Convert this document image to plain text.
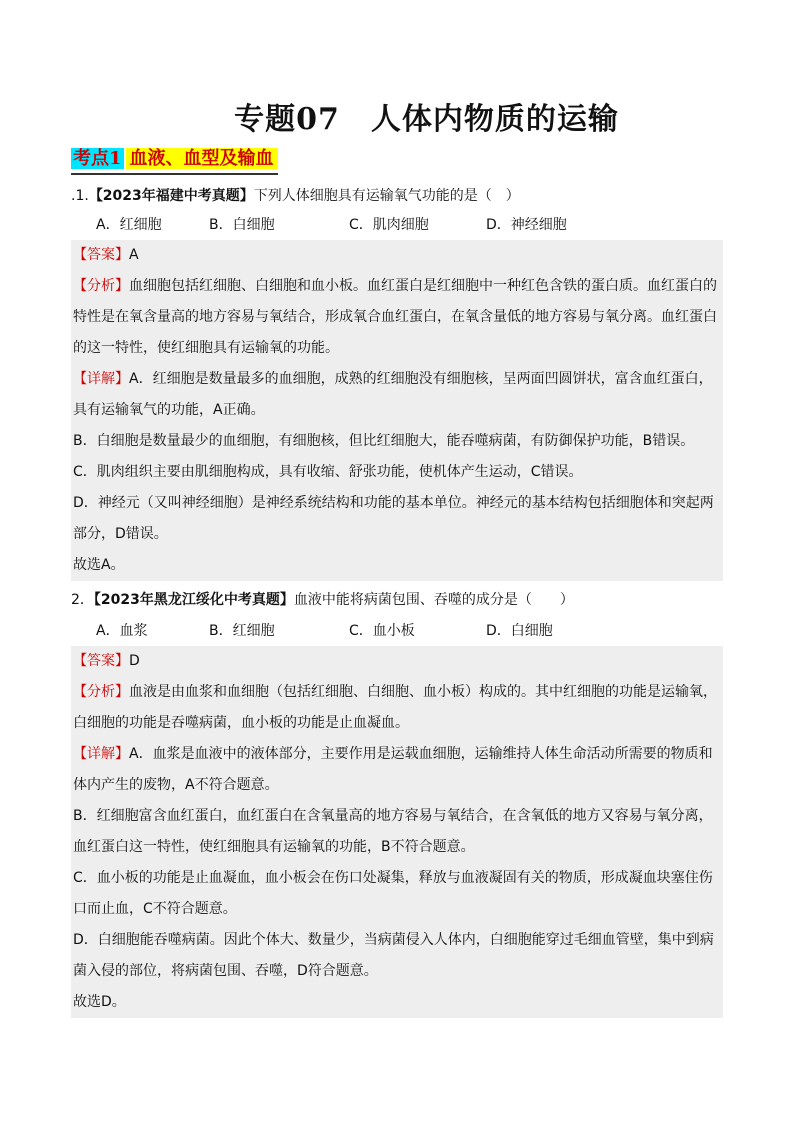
专题07　人体内物质的运输
考点1 血液、血型及输血
.1.【2023年福建中考真题】下列人体细胞具有运输氧气功能的是（　）
A．红细胞	B．白细胞	C．肌肉细胞	D．神经细胞

【答案】A

【分析】血细胞包括红细胞、白细胞和血小板。血红蛋白是红细胞中一种红色含铁的蛋白质。血红蛋白的特性是在氧含量高的地方容易与氧结合，形成氧合血红蛋白，在氧含量低的地方容易与氧分离。血红蛋白的这一特性，使红细胞具有运输氧的功能。

【详解】A．红细胞是数量最多的血细胞，成熟的红细胞没有细胞核，呈两面凹圆饼状，富含血红蛋白，具有运输氧气的功能，A正确。

B．白细胞是数量最少的血细胞，有细胞核，但比红细胞大，能吞噬病菌，有防御保护功能，B错误。

C．肌肉组织主要由肌细胞构成，具有收缩、舒张功能，使机体产生运动，C错误。

D．神经元（又叫神经细胞）是神经系统结构和功能的基本单位。神经元的基本结构包括细胞体和突起两部分，D错误。

故选A。

2．【2023年黑龙江绥化中考真题】血液中能将病菌包围、吞噬的成分是（　　）
A．血浆	B．红细胞	C．血小板	D．白细胞

【答案】D

【分析】血液是由血浆和血细胞（包括红细胞、白细胞、血小板）构成的。其中红细胞的功能是运输氧，白细胞的功能是吞噬病菌，血小板的功能是止血凝血。

【详解】A．血浆是血液中的液体部分，主要作用是运载血细胞，运输维持人体生命活动所需要的物质和体内产生的废物，A不符合题意。

B．红细胞富含血红蛋白，血红蛋白在含氧量高的地方容易与氧结合，在含氧低的地方又容易与氧分离，血红蛋白这一特性，使红细胞具有运输氧的功能，B不符合题意。

C．血小板的功能是止血凝血，血小板会在伤口处凝集，释放与血液凝固有关的物质，形成凝血块塞住伤口而止血，C不符合题意。

D．白细胞能吞噬病菌。因此个体大、数量少，当病菌侵入人体内，白细胞能穿过毛细血管壁，集中到病菌入侵的部位，将病菌包围、吞噬，D符合题意。

故选D。
